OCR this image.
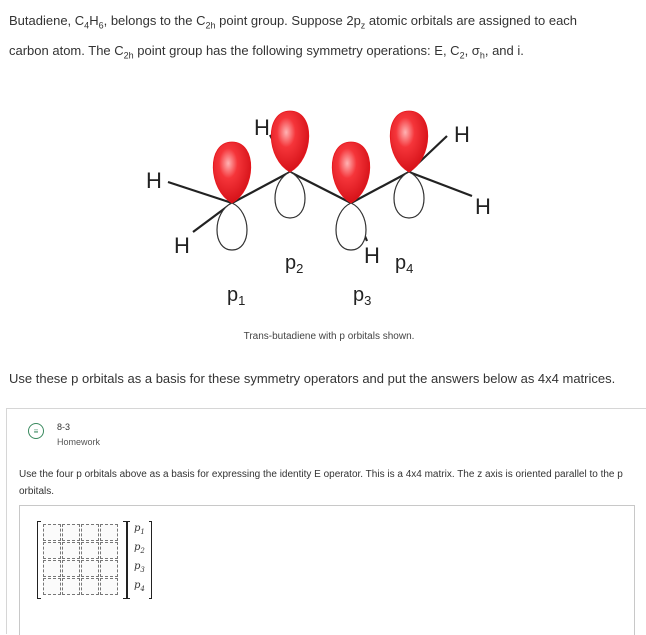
Butadiene, $C_4H_6$, belongs to the $C_{2h}$ point group. Suppose $2p_z$ atomic orbitals are assigned to each
carbon atom. The $C_{2h}$ point group has the following symmetry operations: E, $C_2$, $\sigma_h$, and i.
H
H
H
H
H
H
$p_1$
$p_2$
$p_3$
$p_4$
Trans-butadiene with p orbitals shown.
Use these p orbitals as a basis for these symmetry operators and put the answers below as 4x4 matrices.
≡	8-3
Homework
Use the four p orbitals above as a basis for expressing the identity E operator. This is a 4x4 matrix. The z axis is oriented parallel to the p orbitals.
$p_1$
$p_2$
$p_3$
$p_4$
